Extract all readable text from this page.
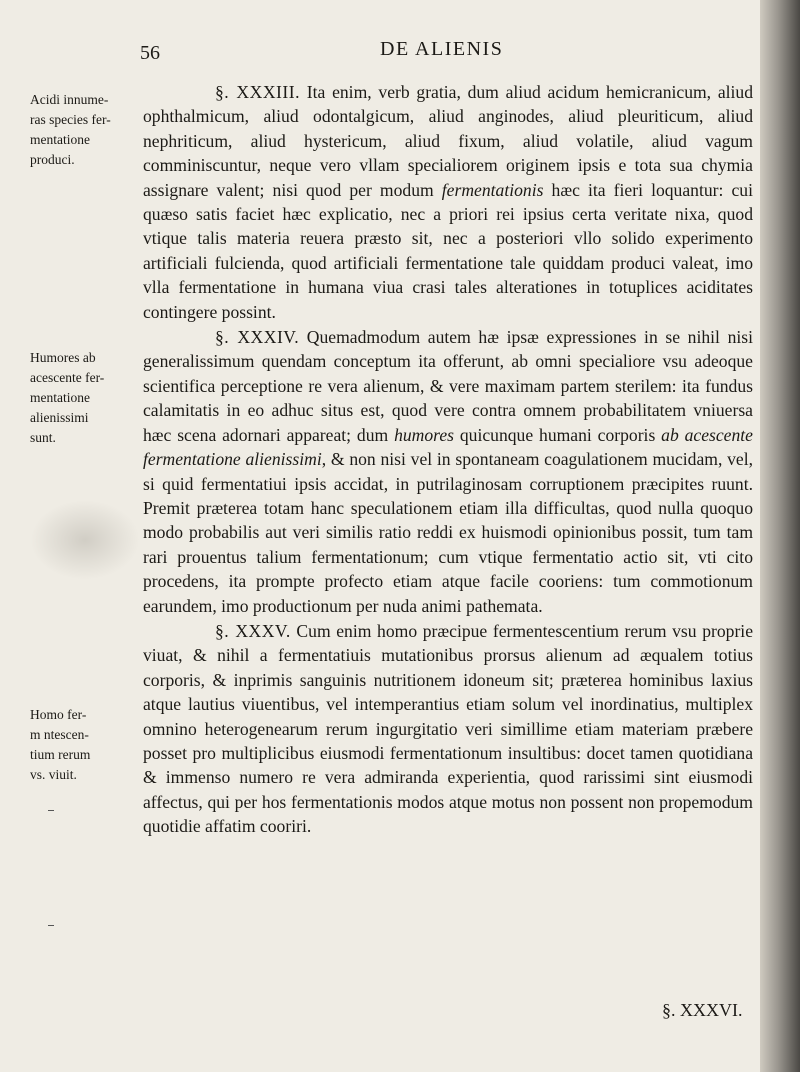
56	DE ALIENIS
Acidi innume-
ras species fer-
mentatione
produci.
Humores ab
acescente fer-
mentatione
alienissimi
sunt.
Homo fer-
m ntescen-
tium rerum
vs. viuit.

§. XXXIII. Ita enim, verb gratia, dum aliud acidum hemicranicum, aliud ophthalmicum, aliud odontalgicum, aliud anginodes, aliud pleuriticum, aliud nephriticum, aliud hystericum, aliud fixum, aliud volatile, aliud vagum comminiscuntur, neque vero vllam specialiorem originem ipsis e tota sua chymia assignare valent; nisi quod per modum fermentationis hæc ita fieri loquantur: cui quæso satis faciet hæc explicatio, nec a priori rei ipsius certa veritate nixa, quod vtique talis materia reuera præsto sit, nec a posteriori vllo solido experimento artificiali fulcienda, quod artificiali fermentatione tale quiddam produci valeat, imo vlla fermentatione in humana viua crasi tales alterationes in totuplices aciditates contingere possint.

§. XXXIV. Quemadmodum autem hæ ipsæ expressiones in se nihil nisi generalissimum quendam conceptum ita offerunt, ab omni specialiore vsu adeoque scientifica perceptione re vera alienum, & vere maximam partem sterilem: ita fundus calamitatis in eo adhuc situs est, quod vere contra omnem probabilitatem vniuersa hæc scena adornari appareat; dum humores quicunque humani corporis ab acescente fermentatione alienissimi, & non nisi vel in spontaneam coagulationem mucidam, vel, si quid fermentatiui ipsis accidat, in putrilaginosam corruptionem præcipites ruunt. Premit præterea totam hanc speculationem etiam illa difficultas, quod nulla quoquo modo probabilis aut veri similis ratio reddi ex huismodi opinionibus possit, tum tam rari prouentus talium fermentationum; cum vtique fermentatio actio sit, vti cito procedens, ita prompte profecto etiam atque facile cooriens: tum commotionum earundem, imo productionum per nuda animi pathemata.

§. XXXV. Cum enim homo præcipue fermentescentium rerum vsu proprie viuat, & nihil a fermentatiuis mutationibus prorsus alienum ad æqualem totius corporis, & inprimis sanguinis nutritionem idoneum sit; præterea hominibus laxius atque lautius viuentibus, vel intemperantius etiam solum vel inordinatius, multiplex omnino heterogenearum rerum ingurgitatio veri simillime etiam materiam præbere posset pro multiplicibus eiusmodi fermentationum insultibus: docet tamen quotidiana & immenso numero re vera admiranda experientia, quod rarissimi sint eiusmodi affectus, qui per hos fermentationis modos atque motus non possent non propemodum quotidie affatim cooriri.

§. XXXVI.
